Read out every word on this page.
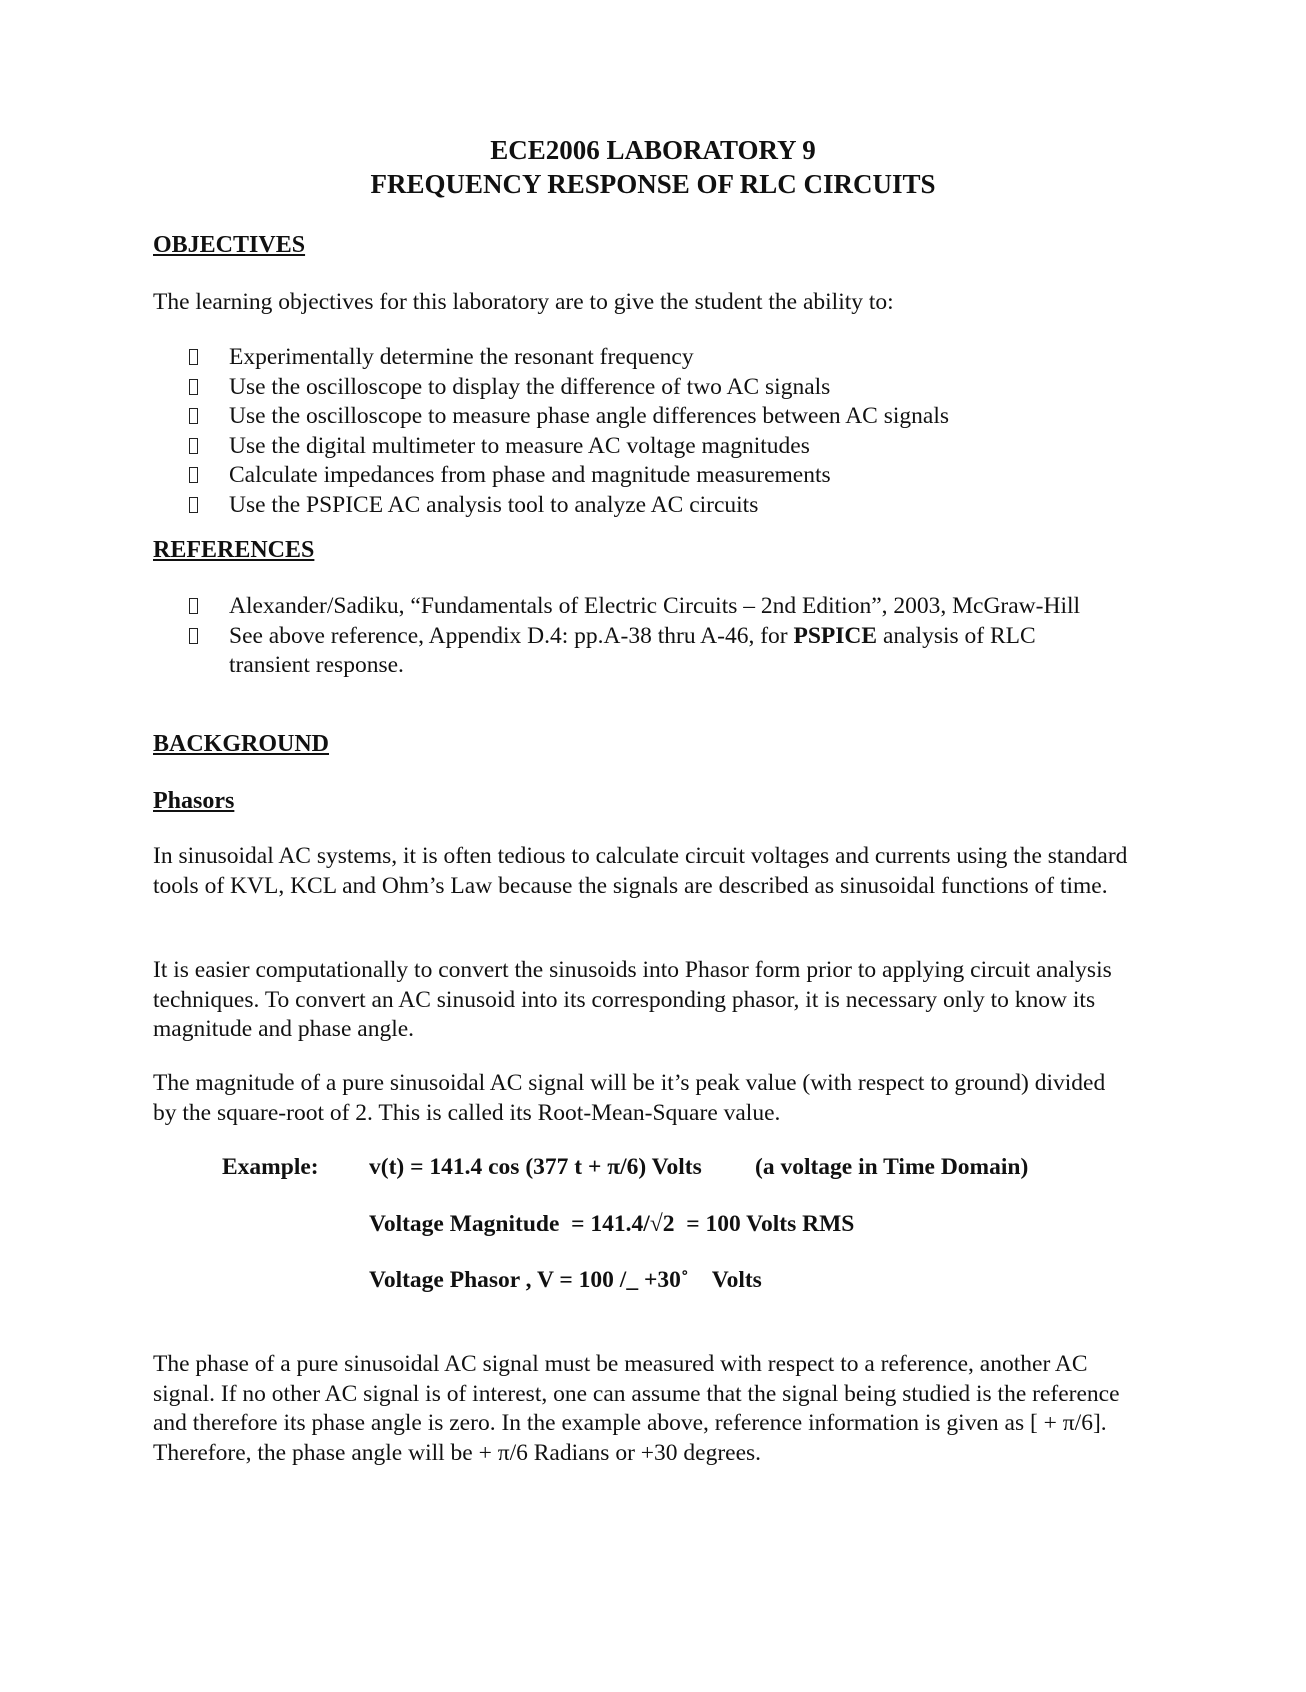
ECE2006 LABORATORY 9
FREQUENCY RESPONSE OF RLC CIRCUITS
OBJECTIVES

The learning objectives for this laboratory are to give the student the ability to:

Experimentally determine the resonant frequency
Use the oscilloscope to display the difference of two AC signals
Use the oscilloscope to measure phase angle differences between AC signals
Use the digital multimeter to measure AC voltage magnitudes
Calculate impedances from phase and magnitude measurements
Use the PSPICE AC analysis tool to analyze AC circuits
REFERENCES
Alexander/Sadiku, “Fundamentals of Electric Circuits – 2nd Edition”, 2003, McGraw-Hill
See above reference, Appendix D.4: pp.A-38 thru A-46, for PSPICE analysis of RLC transient response.
BACKGROUND
Phasors

In sinusoidal AC systems, it is often tedious to calculate circuit voltages and currents using the standard tools of KVL, KCL and Ohm’s Law because the signals are described as sinusoidal functions of time.

It is easier computationally to convert the sinusoids into Phasor form prior to applying circuit analysis techniques. To convert an AC sinusoid into its corresponding phasor, it is necessary only to know its magnitude and phase angle.

The magnitude of a pure sinusoidal AC signal will be it’s peak value (with respect to ground) divided by the square-root of 2. This is called its Root-Mean-Square value.

Example: v(t) = 141.4 cos (377 t + π/6) Volts (a voltage in Time Domain)
Voltage Magnitude  = 141.4/√2  = 100 Volts RMS
Voltage Phasor , V = 100 /_ +30˚    Volts

The phase of a pure sinusoidal AC signal must be measured with respect to a reference, another AC signal. If no other AC signal is of interest, one can assume that the signal being studied is the reference and therefore its phase angle is zero. In the example above, reference information is given as [ + π/6]. Therefore, the phase angle will be + π/6 Radians or +30 degrees.
